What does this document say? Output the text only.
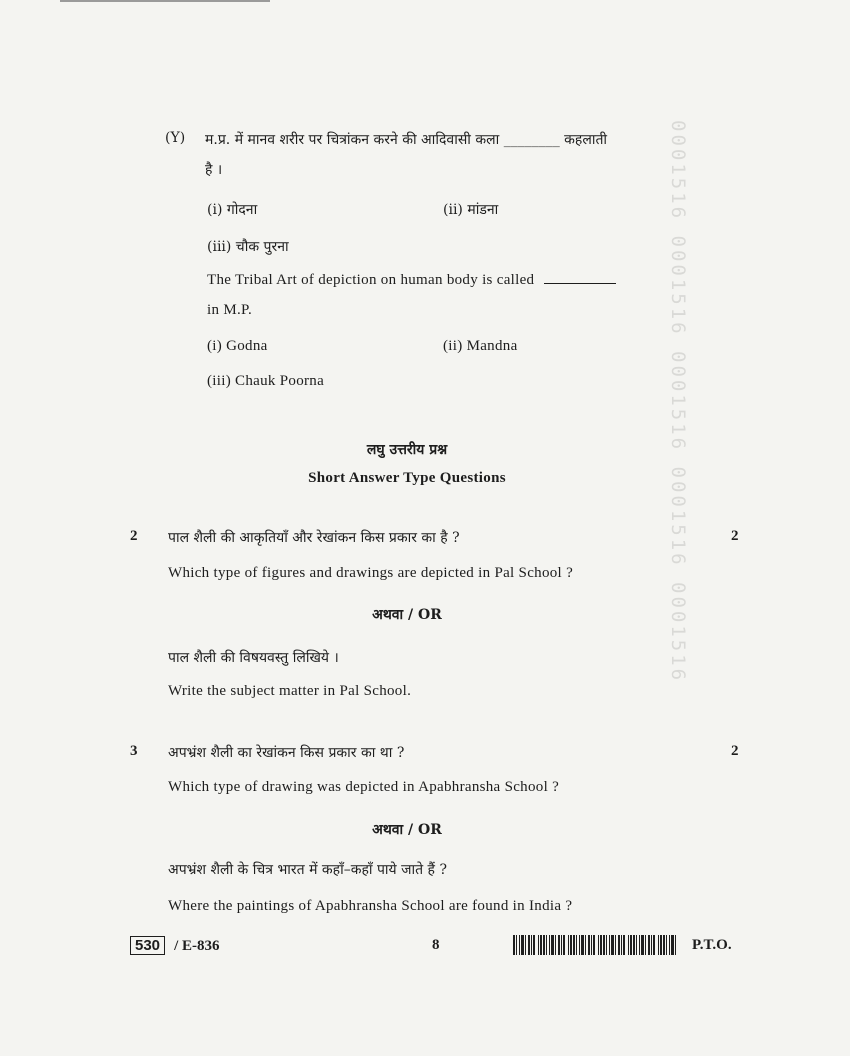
0001516 0001516 0001516 0001516 0001516
(Y) म.प्र. में मानव शरीर पर चित्रांकन करने की आदिवासी कला ________ कहलाती
है ।
(i) गोदना	(ii) मांडना
(iii) चौक पुरना
The Tribal Art of depiction on human body is called
in M.P.
(i) Godna	(ii) Mandna
(iii) Chauk Poorna
लघु उत्तरीय प्रश्न
Short Answer Type Questions
2	2
पाल शैली की आकृतियाँ और रेखांकन किस प्रकार का है ?
Which type of figures and drawings are depicted in Pal School ?
अथवा / OR
पाल शैली की विषयवस्तु लिखिये ।
Write the subject matter in Pal School.
3	2
अपभ्रंश शैली का रेखांकन किस प्रकार का था ?
Which type of drawing was depicted in Apabhransha School ?
अथवा / OR
अपभ्रंश शैली के चित्र भारत में कहाँ–कहाँ पाये जाते हैं ?
Where the paintings of Apabhransha School are found in India ?
530 / E-836	8	P.T.O.
